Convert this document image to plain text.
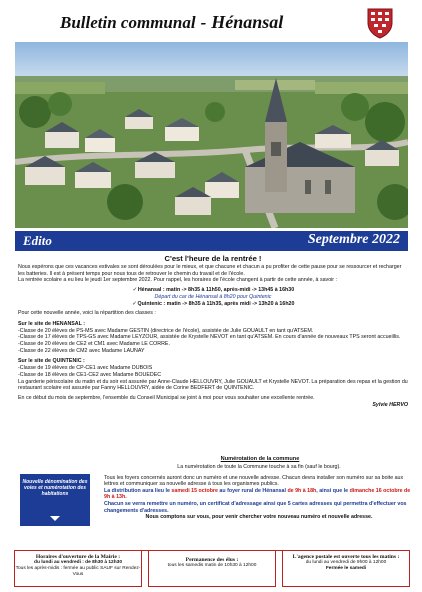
Bulletin communal - Hénansal
Edito	Septembre 2022

C'est l'heure de la rentrée !

Nous espérons que ces vacances estivales se sont déroulées pour le mieux, et que chacune et chacun a pu profiter de cette pause pour se ressourcer et recharger les batteries. Il est à présent temps pour nous tous de retrouver le chemin du travail et de l'école.

La rentrée scolaire a eu lieu le jeudi 1er septembre 2022. Pour rappel, les horaires de l'école changent à partir de cette année, à savoir :

✓Hénansal : matin -> 8h35 à 11h50, après-midi -> 13h45 à 16h30

Départ du car de Hénansal à 8h20 pour Quintenic

✓Quintenic : matin -> 8h35 à 11h35, après midi -> 13h20 à 16h20

Pour cette nouvelle année, voici la répartition des classes :

Sur le site de HENANSAL :

-Classe de 20 élèves de PS-MS avec Madame GESTIN (directrice de l'école), assistée de Julie GOUAULT en tant qu'ATSEM.

-Classe de 17 élèves de TPS-GS avec Madame LEYZOUR, assistée de Krystelle NEVOT en tant qu'ATSEM. En cours d'année de nouveaux TPS seront accueillis.

-Classe de 20 élèves de CE2 et CM1 avec Madame LE CORRE.

-Classe de 22 élèves de CM2 avec Madame LAUNAY

Sur le site de QUINTENIC :

-Classe de 19 élèves de CP-CE1 avec Madame DUBOIS

-Classe de 18 élèves de CE1-CE2 avec Madame BOUEDEC

La garderie périscolaire du matin et du soir est assurée par Anne-Claude HELLOUVRY, Julie GOUAULT et Krystelle NEVOT. La préparation des repas et la gestion du restaurant scolaire est assurée par Fanny HELLOUVRY, aidée de Corine BEDFERT de QUINTENIC.

En ce début du mois de septembre, l'ensemble du Conseil Municipal se joint à moi pour vous souhaiter une excellente rentrée.

Sylvie HERVO

Numérotation de la commune
Nouvelle dénomination des voies et numérotation des habitations

La numérotation de toute la Commune touche à sa fin (sauf le bourg).

Tous les foyers concernés auront donc un numéro et une nouvelle adresse. Chacun devra installer son numéro sur sa boite aux lettres et communiquer sa nouvelle adresse à tous les organismes publics.

La distribution aura lieu le samedi 15 octobre au foyer rural de Hénansal de 9h à 18h, ainsi que le dimanche 16 octobre de 9h à 13h.

Chacun se verra remettre un numéro, un certificat d'adressage ainsi que 5 cartes adresses qui permettra d'effectuer vos changements d'adresses.

Nous comptons sur vous, pour venir chercher votre nouveau numéro et nouvelle adresse.

Horaires d'ouverture de la Mairie :

du lundi au vendredi : de 8h30 à 12h30

Tous les après-midis : fermée au public SAUF sur Rendez-Vous

Permanence des élus :

tous les samedis matin de 10h30 à 12h00

L'agence postale est ouverte tous les matins :

du lundi au vendredi de 9h00 à 12h00

Fermée le samedi
